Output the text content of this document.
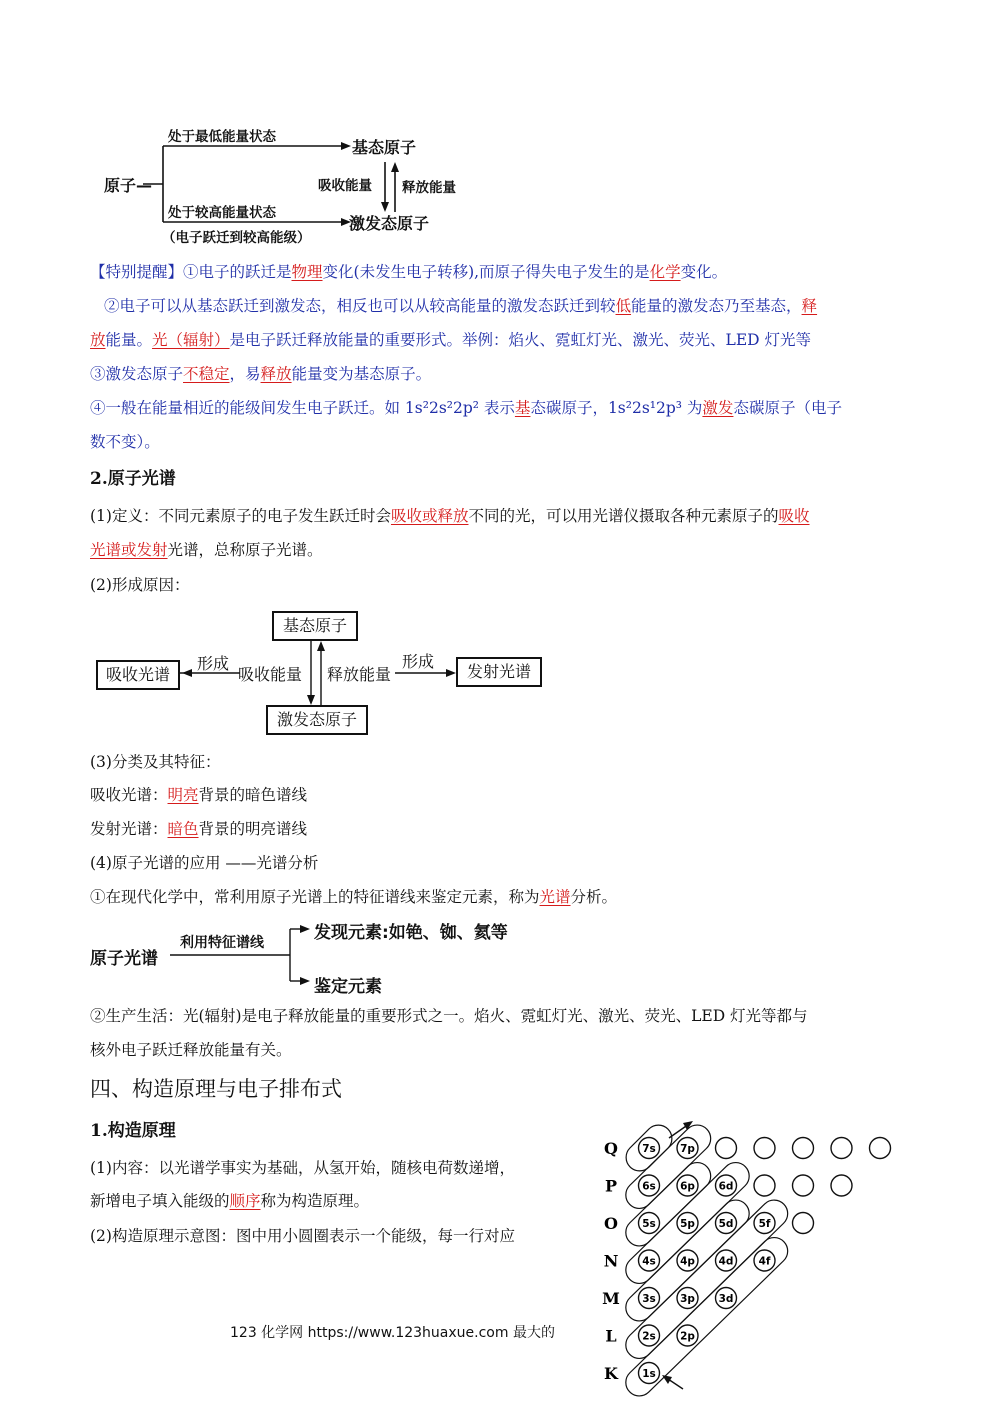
原子—
处于最低能量状态
基态原子
吸收能量 释放能量
处于较高能量状态
（电子跃迁到较高能级）
激发态原子
【特别提醒】①电子的跃迁是物理变化(未发生电子转移),而原子得失电子发生的是化学变化。
②电子可以从基态跃迁到激发态，相反也可以从较高能量的激发态跃迁到较低能量的激发态乃至基态，释
放能量。光（辐射）是电子跃迁释放能量的重要形式。举例：焰火、霓虹灯光、激光、荧光、LED 灯光等
③激发态原子不稳定，易释放能量变为基态原子。
④一般在能量相近的能级间发生电子跃迁。如 1s²2s²2p² 表示基态碳原子，1s²2s¹2p³ 为激发态碳原子（电子
数不变）。
2.原子光谱
(1)定义：不同元素原子的电子发生跃迁时会吸收或释放不同的光，可以用光谱仪摄取各种元素原子的吸收
光谱或发射光谱，总称原子光谱。
(2)形成原因：
基态原子
激发态原子
吸收光谱	发射光谱
形成
吸收能量 释放能量
形成
(3)分类及其特征：
吸收光谱：明亮背景的暗色谱线
发射光谱：暗色背景的明亮谱线
(4)原子光谱的应用 ——光谱分析
①在现代化学中，常利用原子光谱上的特征谱线来鉴定元素，称为光谱分析。
原子光谱
利用特征谱线	发现元素:如铯、铷、氦等
鉴定元素
②生产生活：光(辐射)是电子释放能量的重要形式之一。焰火、霓虹灯光、激光、荧光、LED 灯光等都与
核外电子跃迁释放能量有关。
四、构造原理与电子排布式
1.构造原理
(1)内容：以光谱学事实为基础，从氢开始，随核电荷数递增，
新增电子填入能级的顺序称为构造原理。
(2)构造原理示意图：图中用小圆圈表示一个能级，每一行对应
Q 7s 7p
P 6s 6p 6d
O 5s 5p 5d 5f
N 4s 4p 4d 4f
M 3s 3p 3d
L 2s 2p
K 1s
123 化学网 https://www.123huaxue.com 最大的
